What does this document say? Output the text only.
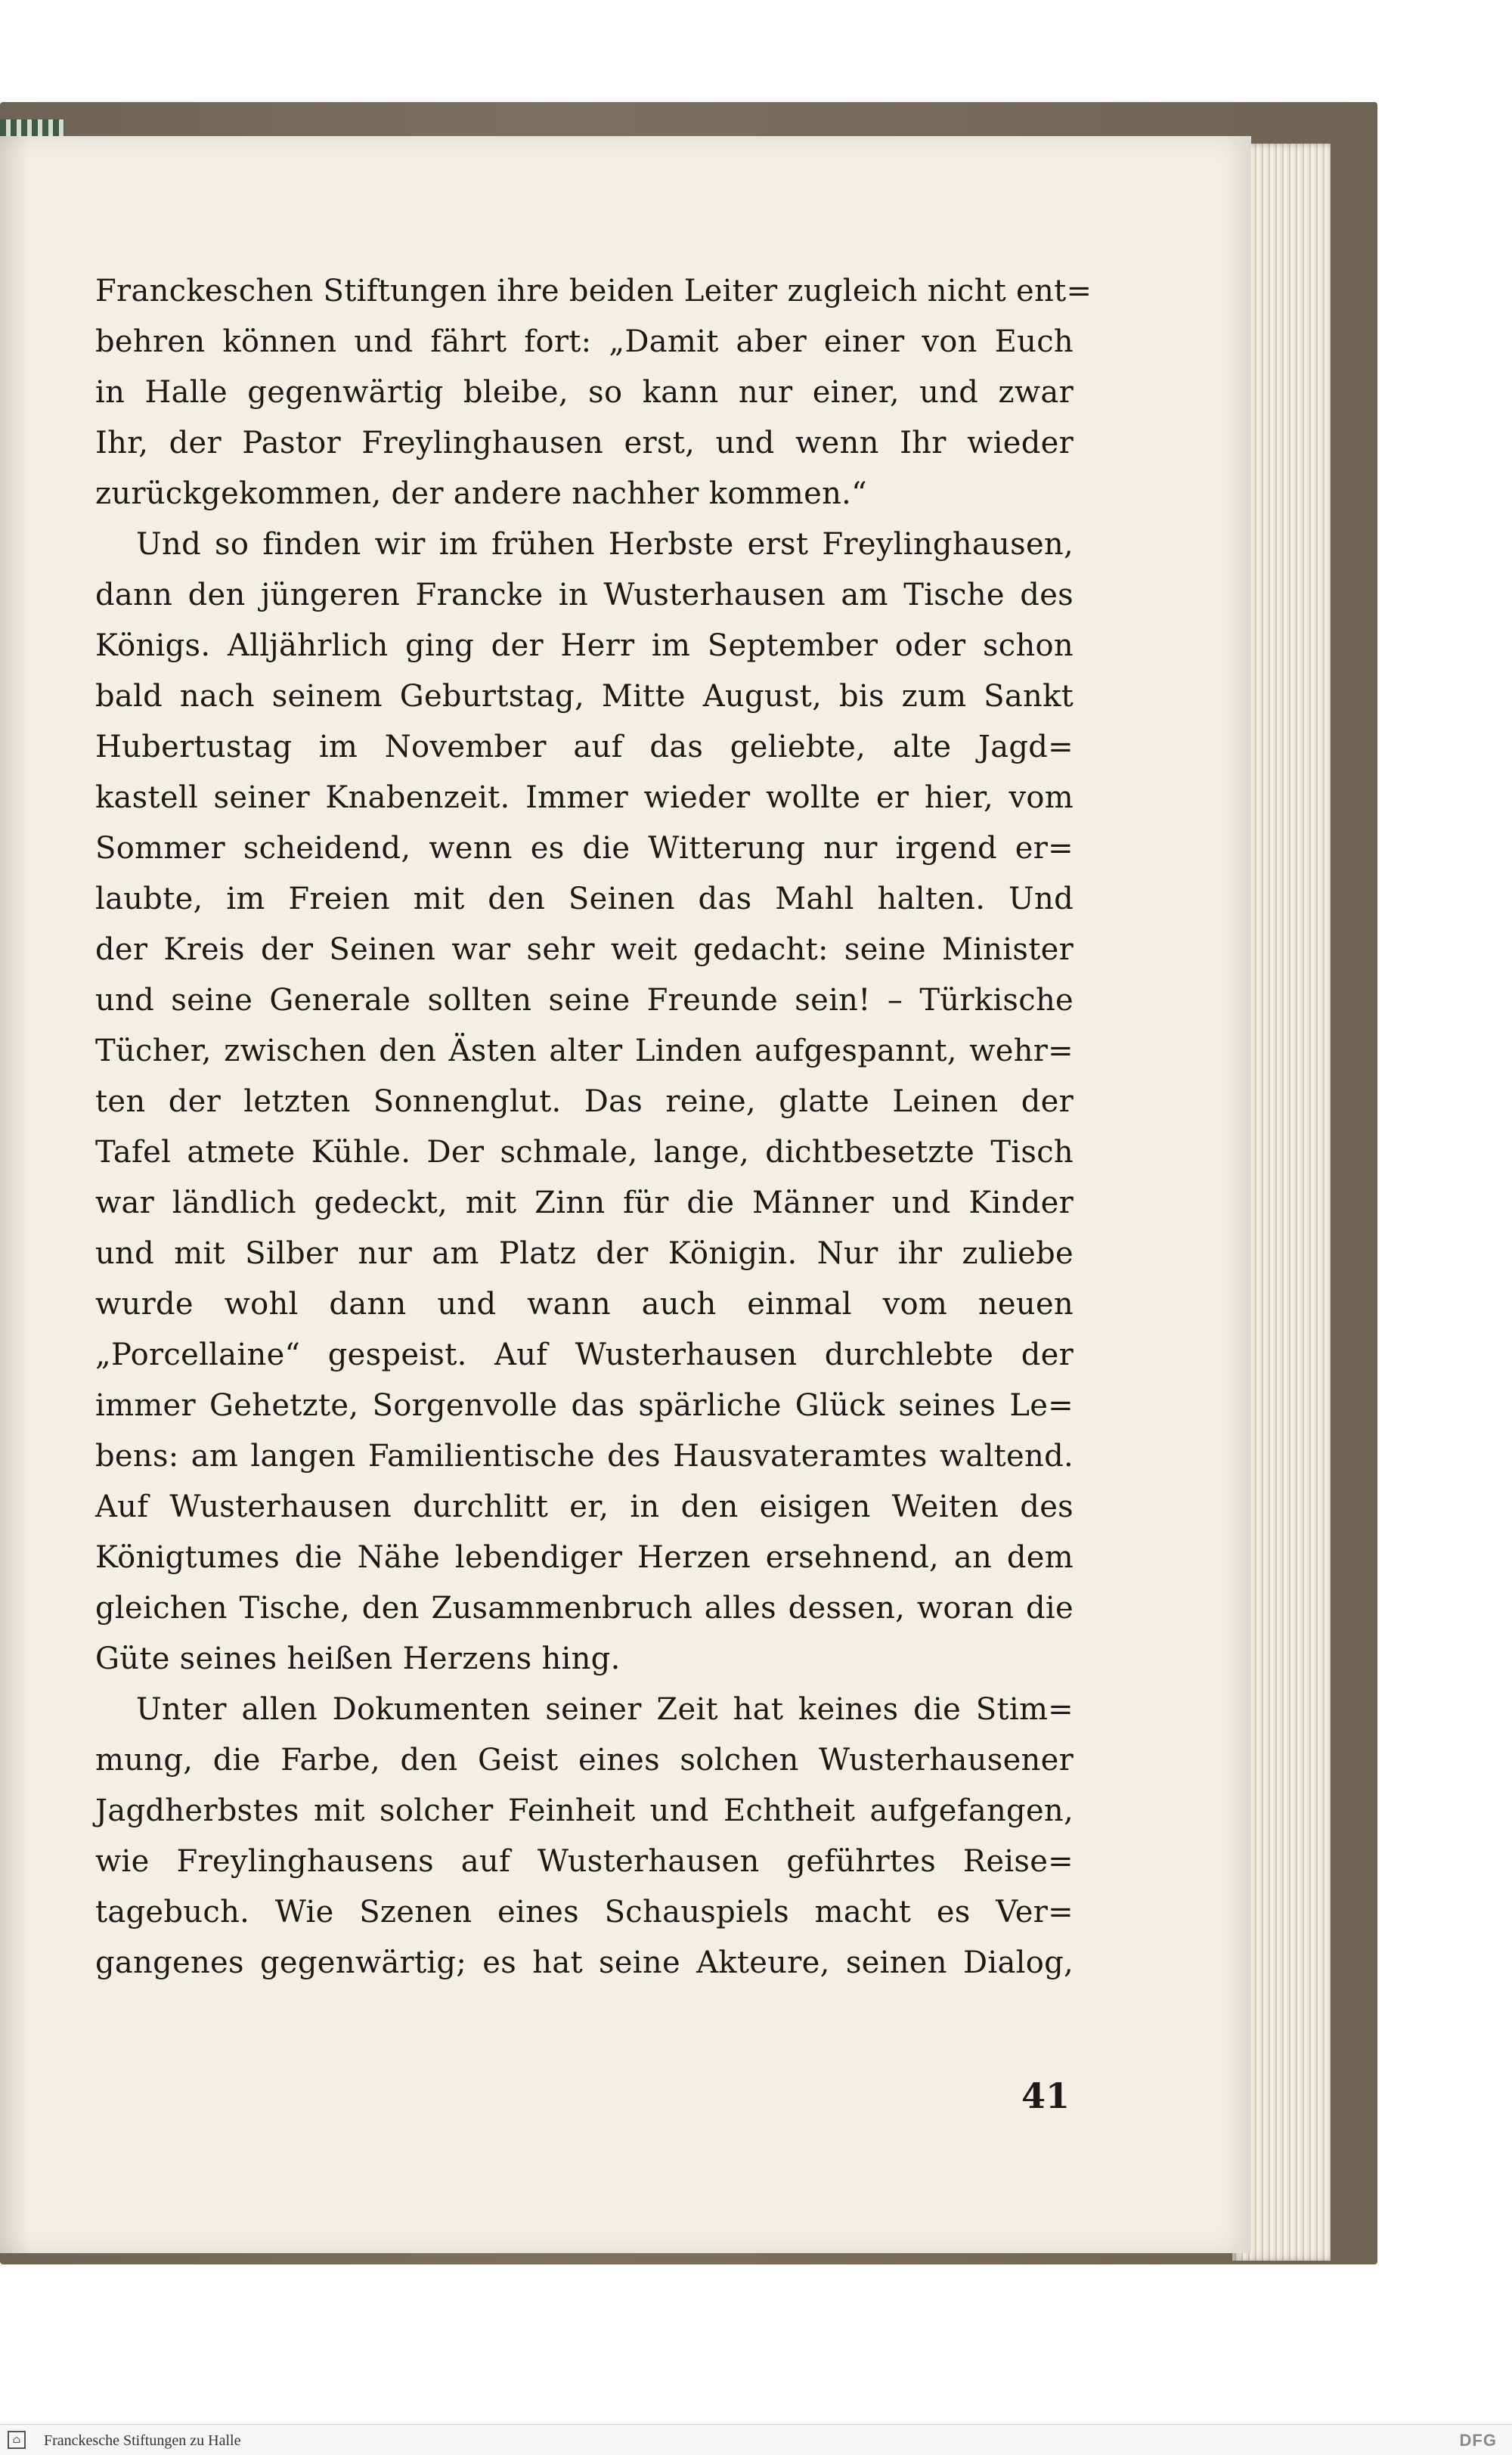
Franckeschen Stiftungen ihre beiden Leiter zugleich nicht ent=
behren können und fährt fort: „Damit aber einer von Euch
in Halle gegenwärtig bleibe, so kann nur einer, und zwar
Ihr, der Pastor Freylinghausen erst, und wenn Ihr wieder
zurückgekommen, der andere nachher kommen.“
Und so finden wir im frühen Herbste erst Freylinghausen,
dann den jüngeren Francke in Wusterhausen am Tische des
Königs. Alljährlich ging der Herr im September oder schon
bald nach seinem Geburtstag, Mitte August, bis zum Sankt
Hubertustag im November auf das geliebte, alte Jagd=
kastell seiner Knabenzeit. Immer wieder wollte er hier, vom
Sommer scheidend, wenn es die Witterung nur irgend er=
laubte, im Freien mit den Seinen das Mahl halten. Und
der Kreis der Seinen war sehr weit gedacht: seine Minister
und seine Generale sollten seine Freunde sein! – Türkische
Tücher, zwischen den Ästen alter Linden aufgespannt, wehr=
ten der letzten Sonnenglut. Das reine, glatte Leinen der
Tafel atmete Kühle. Der schmale, lange, dichtbesetzte Tisch
war ländlich gedeckt, mit Zinn für die Männer und Kinder
und mit Silber nur am Platz der Königin. Nur ihr zuliebe
wurde wohl dann und wann auch einmal vom neuen
„Porcellaine“ gespeist. Auf Wusterhausen durchlebte der
immer Gehetzte, Sorgenvolle das spärliche Glück seines Le=
bens: am langen Familientische des Hausvateramtes waltend.
Auf Wusterhausen durchlitt er, in den eisigen Weiten des
Königtumes die Nähe lebendiger Herzen ersehnend, an dem
gleichen Tische, den Zusammenbruch alles dessen, woran die
Güte seines heißen Herzens hing.
Unter allen Dokumenten seiner Zeit hat keines die Stim=
mung, die Farbe, den Geist eines solchen Wusterhausener
Jagdherbstes mit solcher Feinheit und Echtheit aufgefangen,
wie Freylinghausens auf Wusterhausen geführtes Reise=
tagebuch. Wie Szenen eines Schauspiels macht es Ver=
gangenes gegenwärtig; es hat seine Akteure, seinen Dialog,
41
⌂	Franckesche Stiftungen zu Halle	DFG
